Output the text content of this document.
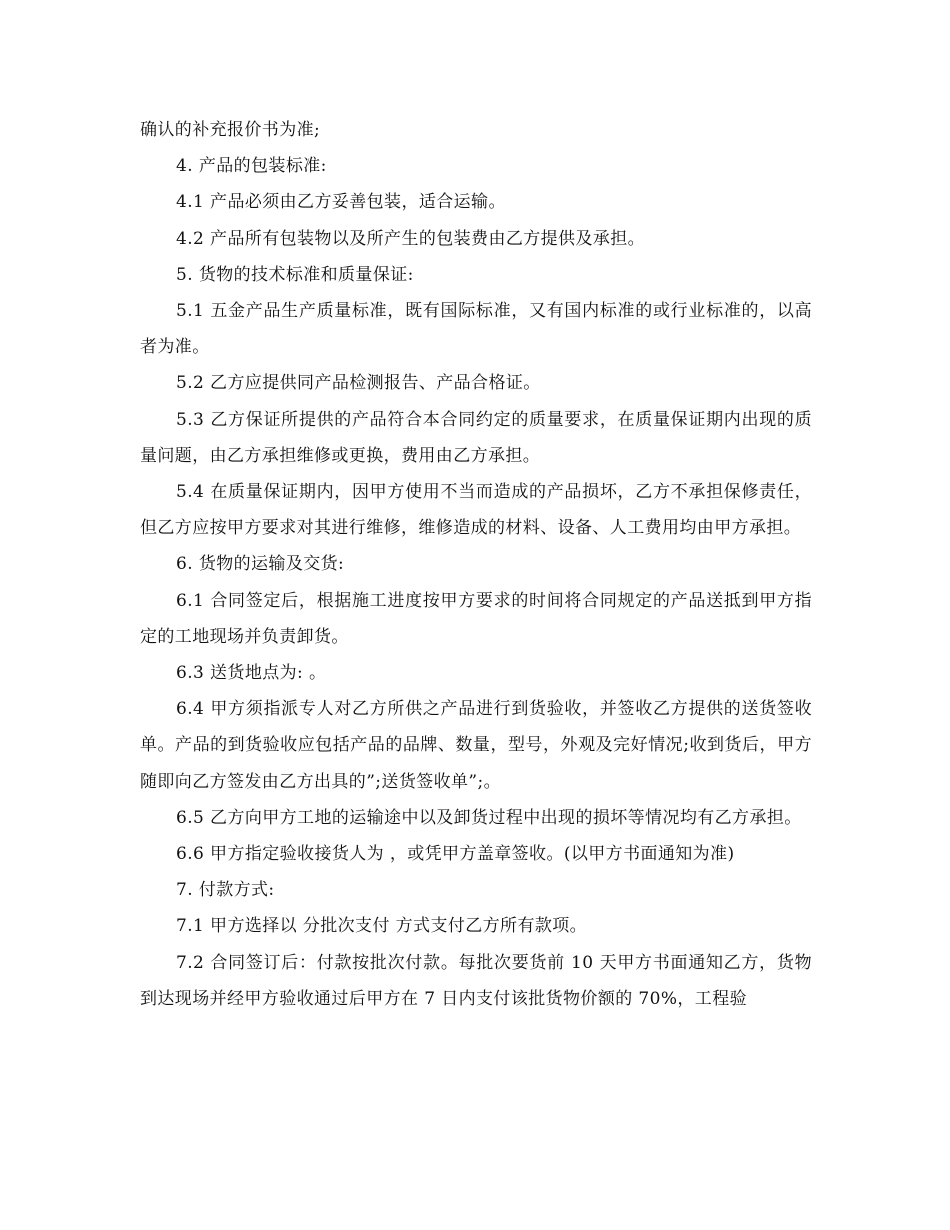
确认的补充报价书为准;

4. 产品的包装标准:

4.1 产品必须由乙方妥善包装，适合运输。

4.2 产品所有包装物以及所产生的包装费由乙方提供及承担。

5. 货物的技术标准和质量保证:

5.1 五金产品生产质量标准，既有国际标准，又有国内标准的或行业标准的，以高者为准。

5.2 乙方应提供同产品检测报告、产品合格证。

5.3 乙方保证所提供的产品符合本合同约定的质量要求，在质量保证期内出现的质量问题，由乙方承担维修或更换，费用由乙方承担。

5.4 在质量保证期内，因甲方使用不当而造成的产品损坏，乙方不承担保修责任，但乙方应按甲方要求对其进行维修，维修造成的材料、设备、人工费用均由甲方承担。

6. 货物的运输及交货:

6.1 合同签定后，根据施工进度按甲方要求的时间将合同规定的产品送抵到甲方指定的工地现场并负责卸货。

6.3 送货地点为: 。

6.4 甲方须指派专人对乙方所供之产品进行到货验收，并签收乙方提供的送货签收单。产品的到货验收应包括产品的品牌、数量，型号，外观及完好情况;收到货后，甲方随即向乙方签发由乙方出具的”;送货签收单”;。

6.5 乙方向甲方工地的运输途中以及卸货过程中出现的损坏等情况均有乙方承担。

6.6 甲方指定验收接货人为 ，或凭甲方盖章签收。(以甲方书面通知为准)

7. 付款方式:

7.1 甲方选择以 分批次支付 方式支付乙方所有款项。

7.2 合同签订后：付款按批次付款。每批次要货前 10 天甲方书面通知乙方，货物到达现场并经甲方验收通过后甲方在 7 日内支付该批货物价额的 70%，工程验
